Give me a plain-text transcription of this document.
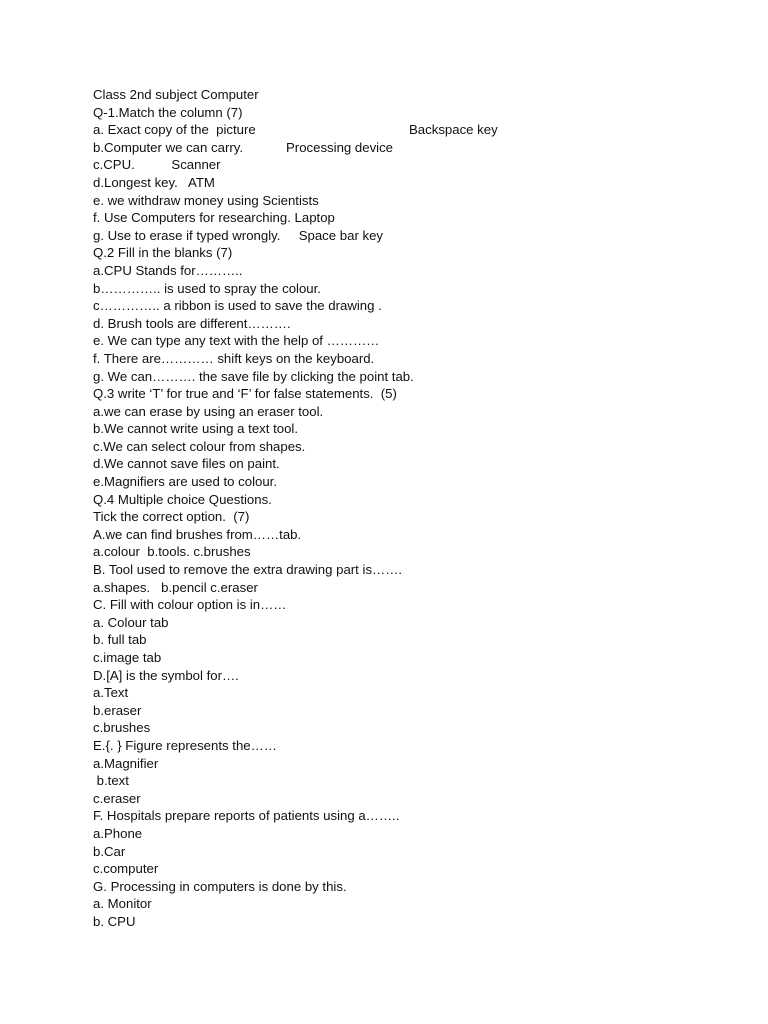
Class 2nd subject Computer
Q-1.Match the column (7)
a. Exact copy of the  picture	Backspace key
b.Computer we can carry.	Processing device
c.CPU.          Scanner
d.Longest key.   ATM
e. we withdraw money using Scientists
f. Use Computers for researching. Laptop
g. Use to erase if typed wrongly.     Space bar key
Q.2 Fill in the blanks (7)
a.CPU Stands for………..
b………….. is used to spray the colour.
c………….. a ribbon is used to save the drawing .
d. Brush tools are different……….
e. We can type any text with the help of …………
f. There are………… shift keys on the keyboard.
g. We can………. the save file by clicking the point tab.
Q.3 write ‘T’ for true and ‘F’ for false statements.  (5)
a.we can erase by using an eraser tool.
b.We cannot write using a text tool.
c.We can select colour from shapes.
d.We cannot save files on paint.
e.Magnifiers are used to colour.
Q.4 Multiple choice Questions.
Tick the correct option.  (7)
A.we can find brushes from……tab.
a.colour  b.tools. c.brushes
B. Tool used to remove the extra drawing part is…….
a.shapes.   b.pencil c.eraser
C. Fill with colour option is in……
a. Colour tab
b. full tab
c.image tab
D.[A] is the symbol for….
a.Text
b.eraser
c.brushes
E.{. } Figure represents the……
a.Magnifier
b.text
c.eraser
F. Hospitals prepare reports of patients using a……..
a.Phone
b.Car
c.computer
G. Processing in computers is done by this.
a. Monitor
b. CPU
